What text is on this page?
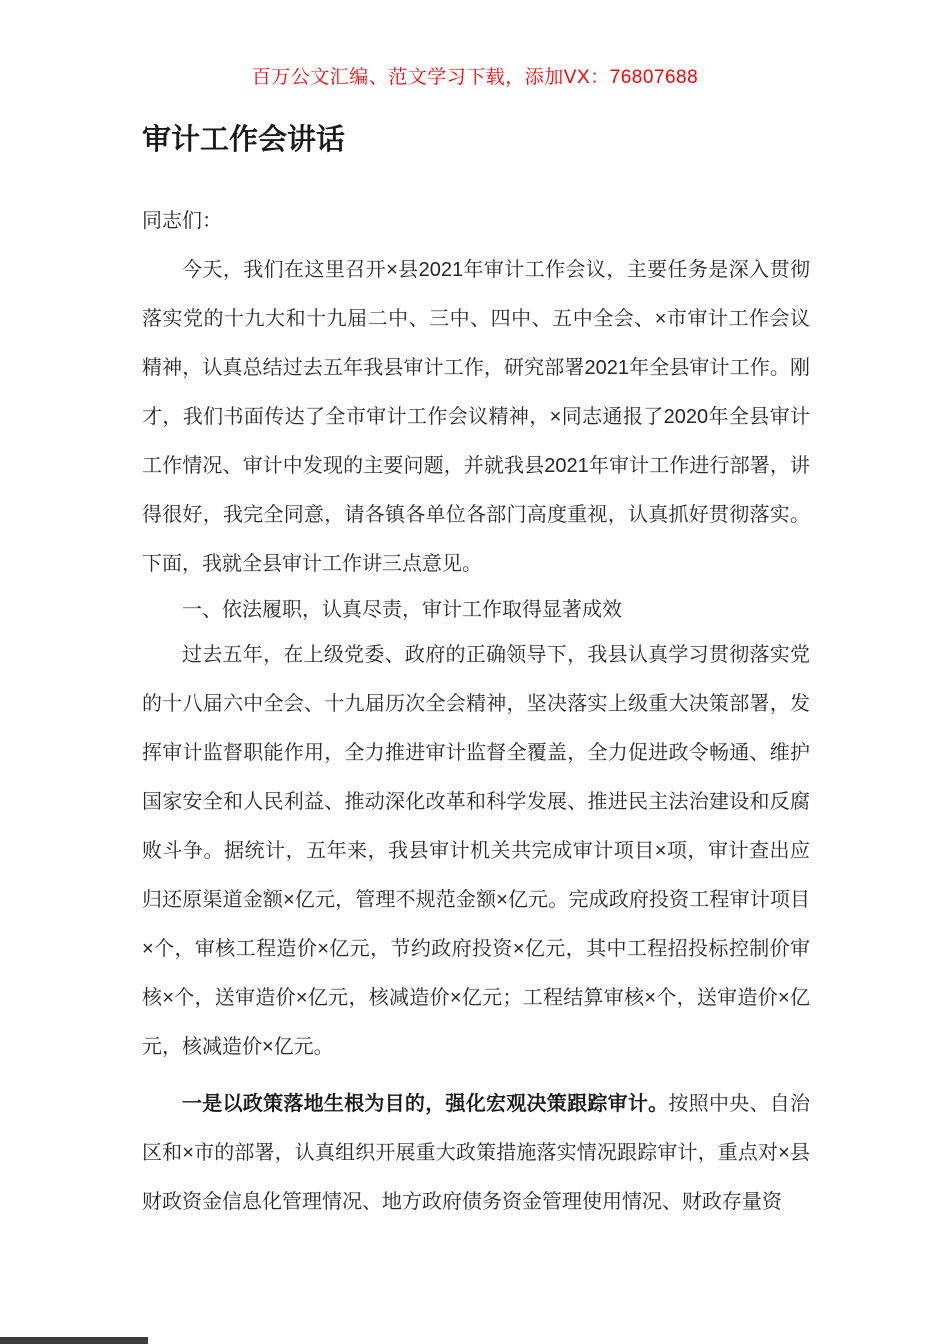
百万公文汇编、范文学习下载，添加VX：76807688
审计工作会讲话

同志们：

今天，我们在这里召开×县2021年审计工作会议，主要任务是深入贯彻落实党的十九大和十九届二中、三中、四中、五中全会、×市审计工作会议精神，认真总结过去五年我县审计工作，研究部署2021年全县审计工作。刚才，我们书面传达了全市审计工作会议精神，×同志通报了2020年全县审计工作情况、审计中发现的主要问题，并就我县2021年审计工作进行部署，讲得很好，我完全同意，请各镇各单位各部门高度重视，认真抓好贯彻落实。下面，我就全县审计工作讲三点意见。

一、依法履职，认真尽责，审计工作取得显著成效

过去五年，在上级党委、政府的正确领导下，我县认真学习贯彻落实党的十八届六中全会、十九届历次全会精神，坚决落实上级重大决策部署，发挥审计监督职能作用，全力推进审计监督全覆盖，全力促进政令畅通、维护国家安全和人民利益、推动深化改革和科学发展、推进民主法治建设和反腐败斗争。据统计，五年来，我县审计机关共完成审计项目×项，审计查出应归还原渠道金额×亿元，管理不规范金额×亿元。完成政府投资工程审计项目×个，审核工程造价×亿元，节约政府投资×亿元，其中工程招投标控制价审核×个，送审造价×亿元，核减造价×亿元；工程结算审核×个，送审造价×亿元，核减造价×亿元。

一是以政策落地生根为目的，强化宏观决策跟踪审计。按照中央、自治区和×市的部署，认真组织开展重大政策措施落实情况跟踪审计，重点对×县财政资金信息化管理情况、地方政府债务资金管理使用情况、财政存量资
